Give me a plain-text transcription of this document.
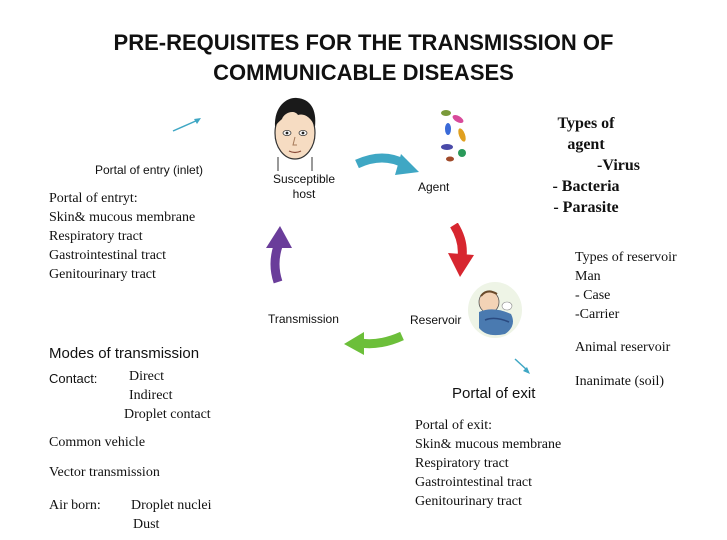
PRE-REQUISITES FOR THE TRANSMISSION OF
COMMUNICABLE DISEASES
Portal of entry (inlet)
Portal of entryt:
Skin& mucous membrane
Respiratory tract
Gastrointestinal tract
Genitourinary tract
Susceptible
host	Agent
Types of
agent
-Virus
- Bacteria
- Parasite
Transmission	Reservoir
Types of reservoir
Man
- Case
-Carrier
Animal reservoir
Inanimate (soil)
Modes of transmission
Contact:	Direct
Indirect
Droplet contact
Common vehicle
Vector transmission
Air born: Droplet nuclei
Dust
Portal of exit
Portal of exit:
Skin& mucous membrane
Respiratory tract
Gastrointestinal tract
Genitourinary tract
